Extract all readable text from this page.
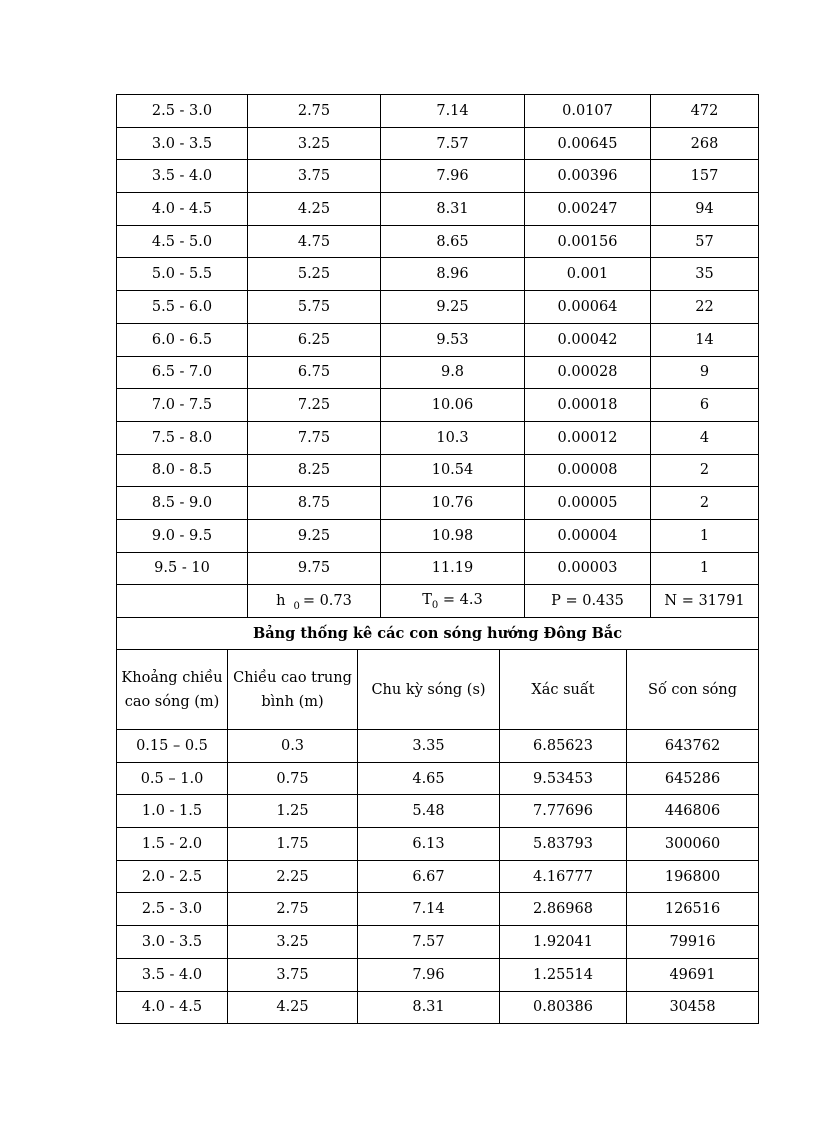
2.5 - 3.0	2.75	7.14	0.0107	472
3.0 - 3.5	3.25	7.57	0.00645	268
3.5 - 4.0	3.75	7.96	0.00396	157
4.0 - 4.5	4.25	8.31	0.00247	94
4.5 - 5.0	4.75	8.65	0.00156	57
5.0 - 5.5	5.25	8.96	0.001	35
5.5 - 6.0	5.75	9.25	0.00064	22
6.0 - 6.5	6.25	9.53	0.00042	14
6.5 - 7.0	6.75	9.8	0.00028	9
7.0 - 7.5	7.25	10.06	0.00018	6
7.5 - 8.0	7.75	10.3	0.00012	4
8.0 - 8.5	8.25	10.54	0.00008	2
8.5 - 9.0	8.75	10.76	0.00005	2
9.0 - 9.5	9.25	10.98	0.00004	1
9.5 - 10	9.75	11.19	0.00003	1
	h $_0$ = 0.73	$T_0 = 4.3$	P = 0.435	N = 31791
Bảng thống kê các con sóng hướng Đông Bắc				
Khoảng chiều cao sóng (m)	Chiều cao trung bình (m)	Chu kỳ sóng (s)	Xác suất	Số con sóng
0.15 – 0.5	0.3	3.35	6.85623	643762
0.5 – 1.0	0.75	4.65	9.53453	645286
1.0 - 1.5	1.25	5.48	7.77696	446806
1.5 - 2.0	1.75	6.13	5.83793	300060
2.0 - 2.5	2.25	6.67	4.16777	196800
2.5 - 3.0	2.75	7.14	2.86968	126516
3.0 - 3.5	3.25	7.57	1.92041	79916
3.5 - 4.0	3.75	7.96	1.25514	49691
4.0 - 4.5	4.25	8.31	0.80386	30458
